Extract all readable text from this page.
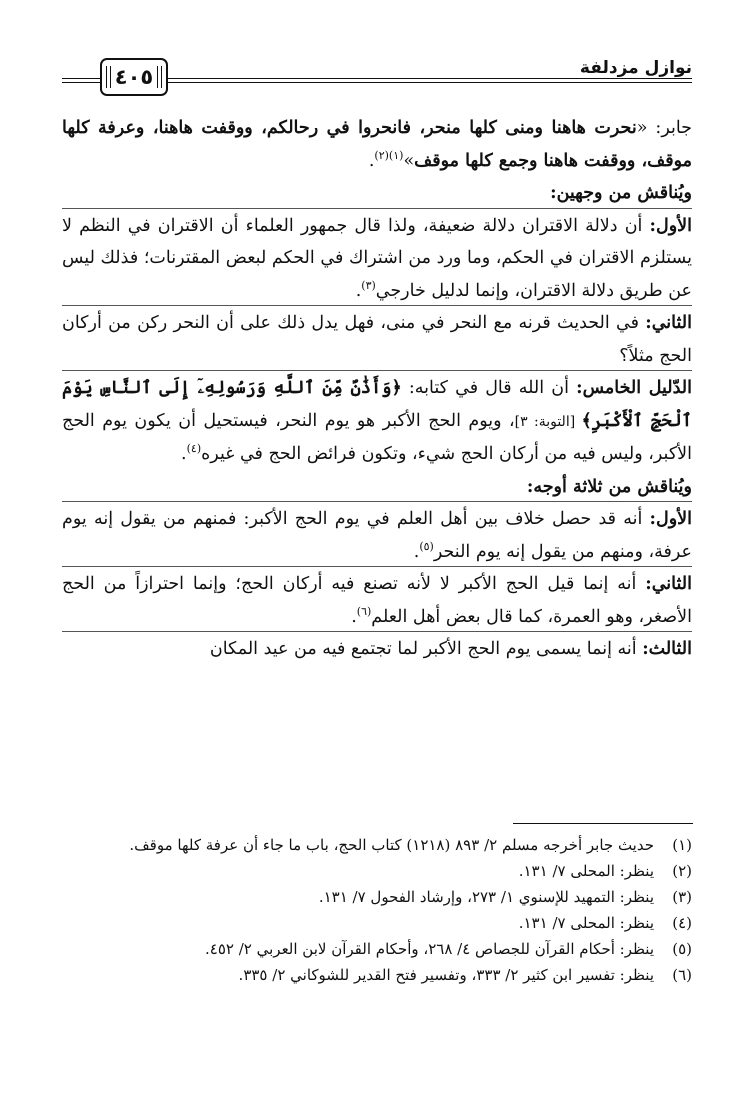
نوازل مزدلفة
٤٠٥

جابر: «نحرت هاهنا ومنى كلها منحر، فانحروا في رحالكم، ووقفت هاهنا، وعرفة كلها موقف، ووقفت هاهنا وجمع كلها موقف»$^{(١)(٢)}$.

ويُناقش من وجهين:

الأول: أن دلالة الاقتران دلالة ضعيفة، ولذا قال جمهور العلماء أن الاقتران في النظم لا يستلزم الاقتران في الحكم، وما ورد من اشتراك في الحكم لبعض المقترنات؛ فذلك ليس عن طريق دلالة الاقتران، وإنما لدليل خارجي$^{(٣)}$.

الثاني: في الحديث قرنه مع النحر في منى، فهل يدل ذلك على أن النحر ركن من أركان الحج مثلاً؟

الدّليل الخامس: أن الله قال في كتابه: ﴿وَأَذَٰنٌ مِّنَ ٱللَّهِ وَرَسُولِهِۦٓ إِلَى ٱلنَّاسِ يَوْمَ ٱلْحَجِّ ٱلْأَكْبَرِ﴾ [التوبة: ٣]، ويوم الحج الأكبر هو يوم النحر، فيستحيل أن يكون يوم الحج الأكبر، وليس فيه من أركان الحج شيء، وتكون فرائض الحج في غيره$^{(٤)}$.

ويُناقش من ثلاثة أوجه:

الأول: أنه قد حصل خلاف بين أهل العلم في يوم الحج الأكبر: فمنهم من يقول إنه يوم عرفة، ومنهم من يقول إنه يوم النحر$^{(٥)}$.

الثاني: أنه إنما قيل الحج الأكبر لا لأنه تصنع فيه أركان الحج؛ وإنما احترازاً من الحج الأصغر، وهو العمرة، كما قال بعض أهل العلم$^{(٦)}$.

الثالث: أنه إنما يسمى يوم الحج الأكبر لما تجتمع فيه من عيد المكان

(١)
حديث جابر أخرجه مسلم ٢/ ٨٩٣ (١٢١٨) كتاب الحج، باب ما جاء أن عرفة كلها موقف.
(٢)
ينظر: المحلى ٧/ ١٣١.
(٣)
ينظر: التمهيد للإسنوي ١/ ٢٧٣، وإرشاد الفحول ٧/ ١٣١.
(٤)
ينظر: المحلى ٧/ ١٣١.
(٥)
ينظر: أحكام القرآن للجصاص ٤/ ٢٦٨، وأحكام القرآن لابن العربي ٢/ ٤٥٢.
(٦)
ينظر: تفسير ابن كثير ٢/ ٣٣٣، وتفسير فتح القدير للشوكاني ٢/ ٣٣٥.
